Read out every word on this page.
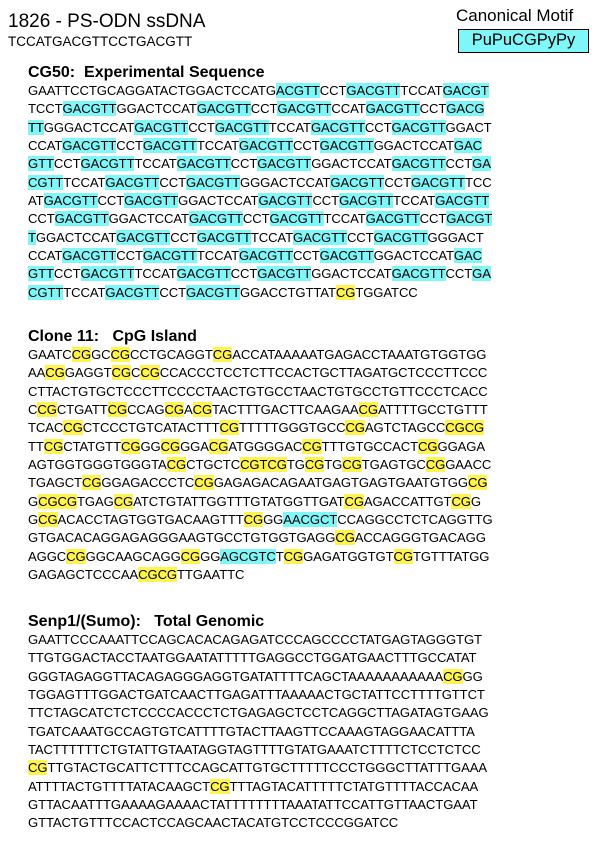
1826 - PS-ODN ssDNA
TCCATGACGTTCCTGACGTT
Canonical Motif
PuPuCGPyPy
CG50:  Experimental Sequence
GAATTCCTGCAGGATACTGGACTCCATGACGTTCCTGACGTTTCCATGACGT
TCCTGACGTTGGACTCCATGACGTTCCTGACGTTCCATGACGTTCCTGACG
TTGGGACTCCATGACGTTCCTGACGTTTCCATGACGTTCCTGACGTTGGACT
CCATGACGTTCCTGACGTTTCCATGACGTTCCTGACGTTGGACTCCATGAC
GTTCCTGACGTTTCCATGACGTTCCTGACGTTGGACTCCATGACGTTCCTGA
CGTTTCCATGACGTTCCTGACGTTGGGACTCCATGACGTTCCTGACGTTTCC
ATGACGTTCCTGACGTTGGACTCCATGACGTTCCTGACGTTTCCATGACGTT
CCTGACGTTGGACTCCATGACGTTCCTGACGTTTCCATGACGTTCCTGACGT
TGGACTCCATGACGTTCCTGACGTTTCCATGACGTTCCTGACGTTGGGACT
CCATGACGTTCCTGACGTTTCCATGACGTTCCTGACGTTGGACTCCATGAC
GTTCCTGACGTTTCCATGACGTTCCTGACGTTGGACTCCATGACGTTCCTGA
CGTTTCCATGACGTTCCTGACGTTGGACCTGTTATCGTGGATCC
Clone 11:   CpG Island
GAATCCGGCCGCCTGCAGGTCGACCATAAAAATGAGACCTAAATGTGGTGG
AACGGAGGTCGCCGCCACCCTCCTCTTCCACTGCTTAGATGCTCCCTTCCC
CTTACTGTGCTCCCTTCCCCTAACTGTGCCTAACTGTGCCTGTTCCCTCACC
CCGCTGATTCGCCAGCGACGTACTTTGACTTCAAGAACGATTTTGCCTGTTT
TCACCGCTCCCTGTCATACTTTCGTTTTTGGGTGCCCGAGTCTAGCCCGCG
TTCGCTATGTTCGGGCGGGACGATGGGGACCGTTTGTGCCACTCGGGAGA
AGTGGTGGGTGGGTACGCTGCTCCGTCGTGCGTGCGTGAGTGCCGGAACC
TGAGCTCGGGAGACCCTCCGGAGAGACAGAATGAGTGAGTGAATGTGGCG
GCGCGTGAGCGATCTGTATTGGTTTGTATGGTTGATCGAGACCATTGTCGG
GCGACACCTAGTGGTGACAAGTTTCGGGAACGCTCCAGGCCTCTCAGGTTG
GTGACACAGGAGAGGGAAGTGCCTGTGGTGAGGCGACCAGGGTGACAGG
AGGCCGGGCAAGCAGGCGGGAGCGTCTCGGAGATGGTGTCGTGTTTATGG
GAGAGCTCCCAACGCGTTGAATTC
Senp1/(Sumo):   Total Genomic
GAATTCCCAAATTCCAGCACACAGAGATCCCAGCCCCTATGAGTAGGGTGT
TTGTGGACTACCTAATGGAATATTTTTGAGGCCTGGATGAACTTTGCCATAT
GGGTAGAGGTTACAGAGGGAGGTGATATTTTCAGCTAAAAAAAAAAACGGG
TGGAGTTTGGACTGATCAACTTGAGATTTAAAAACTGCTATTCCTTTTGTTCT
TTCTAGCATCTCTCCCCACCCTCTGAGAGCTCCTCAGGCTTAGATAGTGAAG
TGATCAAATGCCAGTGTCATTTTGTACTTAAGTTCCAAAGTAGGAACATTTA
TACTTTTTTCTGTATTGTAATAGGTAGTTTTGTATGAAATCTTTTCTCCTCTCC
CGTTGTACTGCATTCTTTCCAGCATTGTGCTTTTTCCCTGGGCTTATTTGAAA
ATTTTACTGTTTTATACAAGCTCGTTTAGTACATTTTTCTATGTTTTACCACAA
GTTACAATTTGAAAAGAAAACTATTTTTTTTAAATATTCCATTGTTAACTGAAT
GTTACTGTTTCCACTCCAGCAACTACATGTCCTCCCGGATCC
